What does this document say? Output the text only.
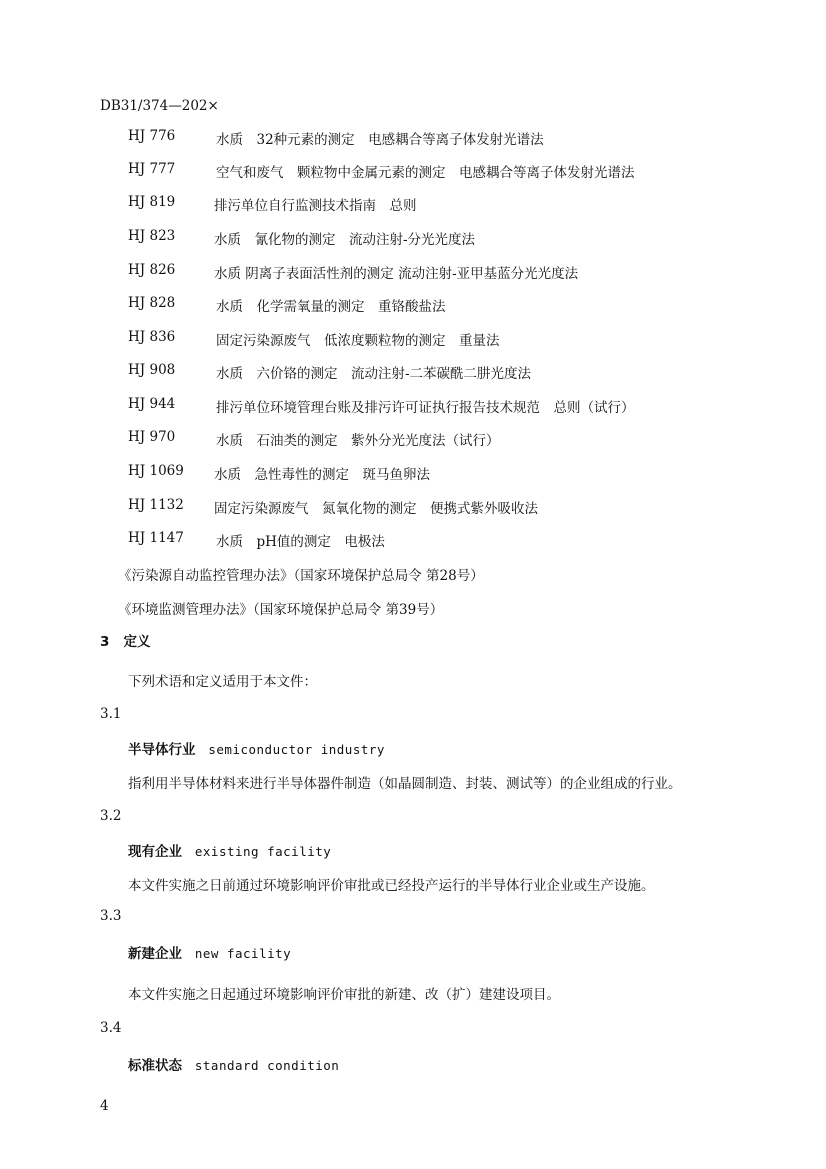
DB31/374—202×
HJ 776	水质　32种元素的测定　电感耦合等离子体发射光谱法
HJ 777	空气和废气　颗粒物中金属元素的测定　电感耦合等离子体发射光谱法
HJ 819	排污单位自行监测技术指南　总则
HJ 823	水质　氰化物的测定　流动注射-分光光度法
HJ 826	水质 阴离子表面活性剂的测定 流动注射-亚甲基蓝分光光度法
HJ 828	水质　化学需氧量的测定　重铬酸盐法
HJ 836	固定污染源废气　低浓度颗粒物的测定　重量法
HJ 908	水质　六价铬的测定　流动注射-二苯碳酰二肼光度法
HJ 944	排污单位环境管理台账及排污许可证执行报告技术规范　总则（试行）
HJ 970	水质　石油类的测定　紫外分光光度法（试行）
HJ 1069 水质　急性毒性的测定　斑马鱼卵法
HJ 1132 固定污染源废气　氮氧化物的测定　便携式紫外吸收法
HJ 1147 水质　pH值的测定　电极法
《污染源自动监控管理办法》（国家环境保护总局令 第28号）
《环境监测管理办法》（国家环境保护总局令 第39号）
3 定义
下列术语和定义适用于本文件：
3.1
半导体行业 semiconductor industry
指利用半导体材料来进行半导体器件制造（如晶圆制造、封装、测试等）的企业组成的行业。
3.2
现有企业 existing facility
本文件实施之日前通过环境影响评价审批或已经投产运行的半导体行业企业或生产设施。
3.3
新建企业 new facility
本文件实施之日起通过环境影响评价审批的新建、改（扩）建建设项目。
3.4
标准状态 standard condition
4
